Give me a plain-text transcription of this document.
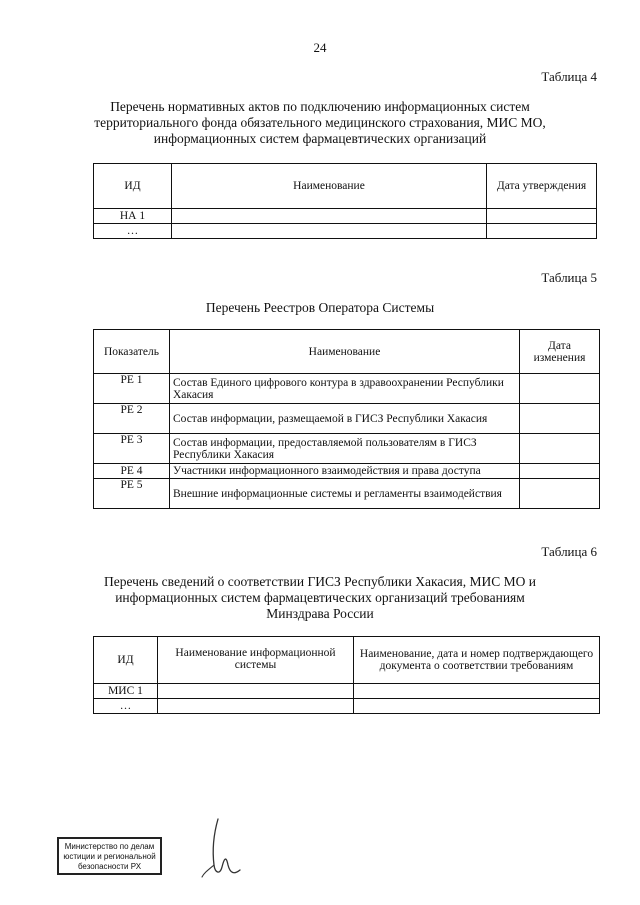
24
Таблица 4
Перечень нормативных актов по подключению информационных систем
территориального фонда обязательного медицинского страхования, МИС МО,
информационных систем фармацевтических организаций
ИД	Наименование	Дата утверждения
НА 1		
…		
Таблица 5
Перечень Реестров Оператора Системы
Показатель	Наименование	Дата изменения
РЕ 1	Состав Единого цифрового контура в здравоохранении Республики Хакасия	
РЕ 2	Состав информации, размещаемой в ГИСЗ Республики Хакасия	
РЕ 3	Состав информации, предоставляемой пользователям в ГИСЗ Республики Хакасия	
РЕ 4	Участники информационного взаимодействия и права доступа	
РЕ 5	Внешние информационные системы и регламенты взаимодействия	
Таблица 6
Перечень сведений о соответствии ГИСЗ Республики Хакасия, МИС МО и
информационных систем фармацевтических организаций требованиям
Минздрава России
ИД	Наименование информационной системы	Наименование, дата и номер подтверждающего документа о соответствии требованиям
МИС 1		
…		
Министерство по делам
юстиции и региональной
безопасности РХ
